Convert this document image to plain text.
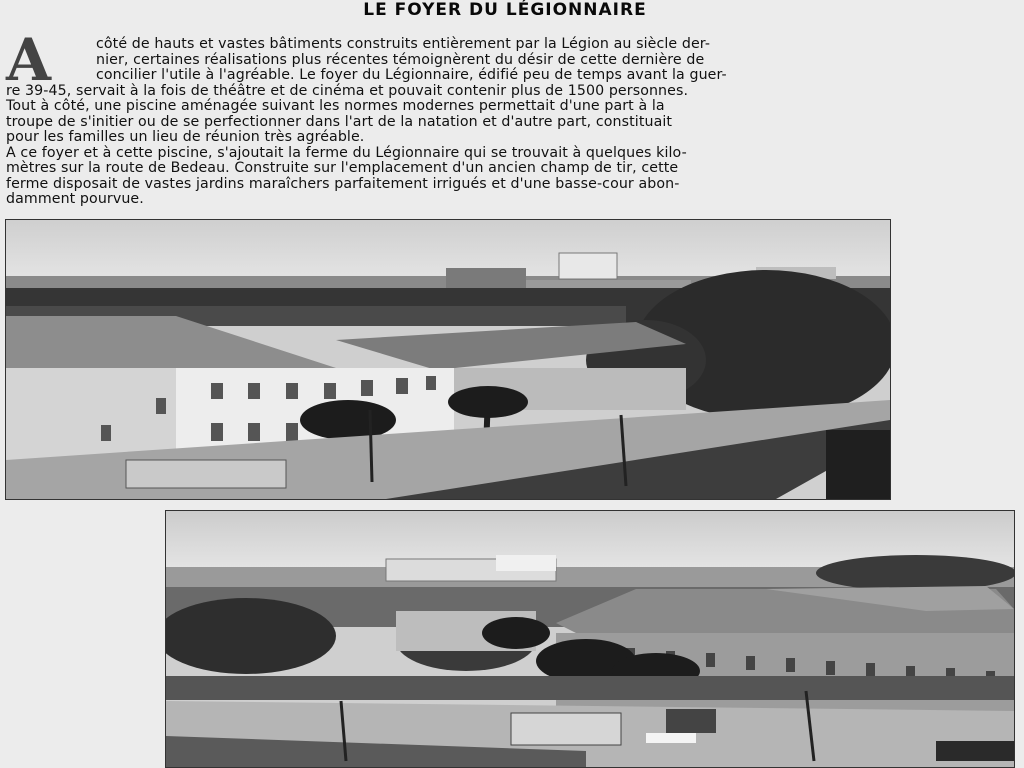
LE FOYER DU LÉGIONNAIRE
A	côté de hauts et vastes bâtiments construits entièrement par la Légion au siècle der-
nier, certaines réalisations plus récentes témoignèrent du désir de cette dernière de
concilier l'utile à l'agréable. Le foyer du Légionnaire, édifié peu de temps avant la guer-
re 39-45, servait à la fois de théâtre et de cinéma et pouvait contenir plus de 1500 personnes.
Tout à côté, une piscine aménagée suivant les normes modernes permettait d'une part à la
troupe de s'initier ou de se perfectionner dans l'art de la natation et d'autre part, constituait
pour les familles un lieu de réunion très agréable.
A ce foyer et à cette piscine, s'ajoutait la ferme du Légionnaire qui se trouvait à quelques kilo-
mètres sur la route de Bedeau. Construite sur l'emplacement d'un ancien champ de tir, cette
ferme disposait de vastes jardins maraîchers parfaitement irrigués et d'une basse-cour abon-
damment pourvue.
